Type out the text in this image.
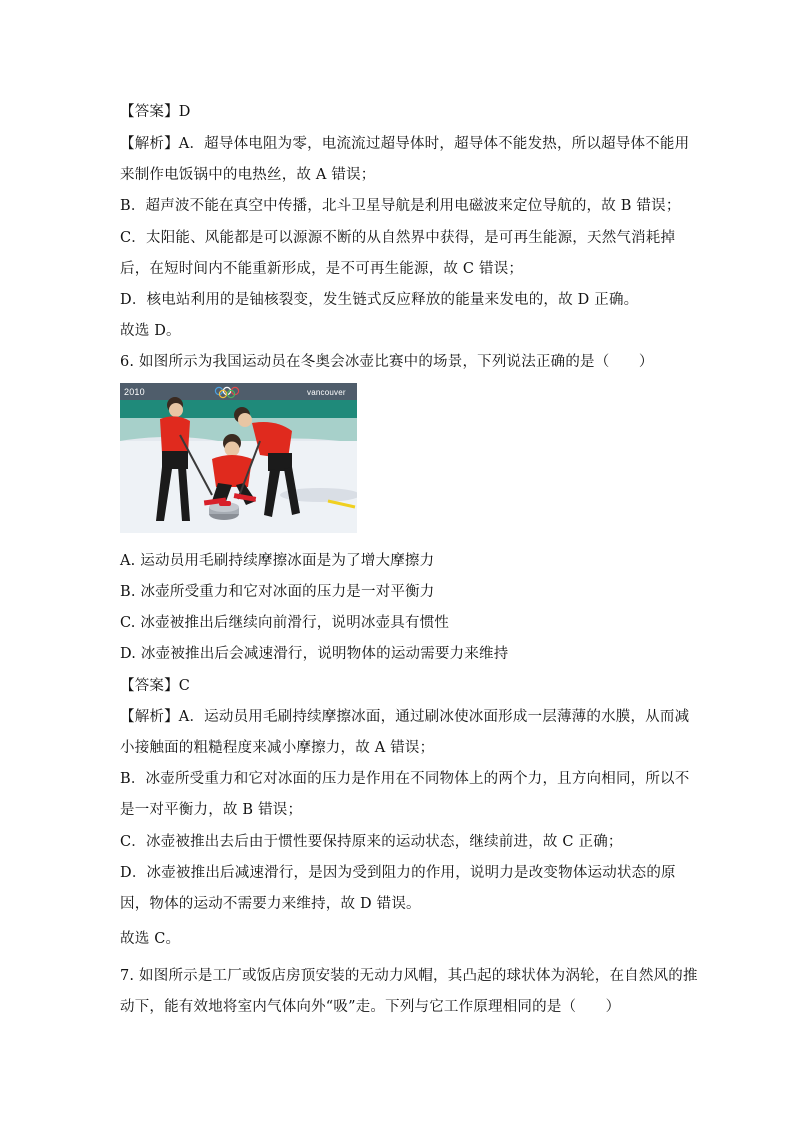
【答案】D
【解析】A．超导体电阻为零，电流流过超导体时，超导体不能发热，所以超导体不能用
来制作电饭锅中的电热丝，故 A 错误；
B．超声波不能在真空中传播，北斗卫星导航是利用电磁波来定位导航的，故 B 错误；
C．太阳能、风能都是可以源源不断的从自然界中获得，是可再生能源，天然气消耗掉
后，在短时间内不能重新形成，是不可再生能源，故 C 错误；
D．核电站利用的是铀核裂变，发生链式反应释放的能量来发电的，故 D 正确。
故选 D。
6. 如图所示为我国运动员在冬奥会冰壶比赛中的场景，下列说法正确的是（　　）
2010	vancouver
A. 运动员用毛刷持续摩擦冰面是为了增大摩擦力
B. 冰壶所受重力和它对冰面的压力是一对平衡力
C. 冰壶被推出后继续向前滑行，说明冰壶具有惯性
D. 冰壶被推出后会减速滑行，说明物体的运动需要力来维持
【答案】C
【解析】A．运动员用毛刷持续摩擦冰面，通过刷冰使冰面形成一层薄薄的水膜，从而减
小接触面的粗糙程度来减小摩擦力，故 A 错误；
B．冰壶所受重力和它对冰面的压力是作用在不同物体上的两个力，且方向相同，所以不
是一对平衡力，故 B 错误；
C．冰壶被推出去后由于惯性要保持原来的运动状态，继续前进，故 C 正确；
D．冰壶被推出后减速滑行，是因为受到阻力的作用，说明力是改变物体运动状态的原
因，物体的运动不需要力来维持，故 D 错误。
故选 C。
7. 如图所示是工厂或饭店房顶安装的无动力风帽，其凸起的球状体为涡轮，在自然风的推
动下，能有效地将室内气体向外“吸”走。下列与它工作原理相同的是（　　）
